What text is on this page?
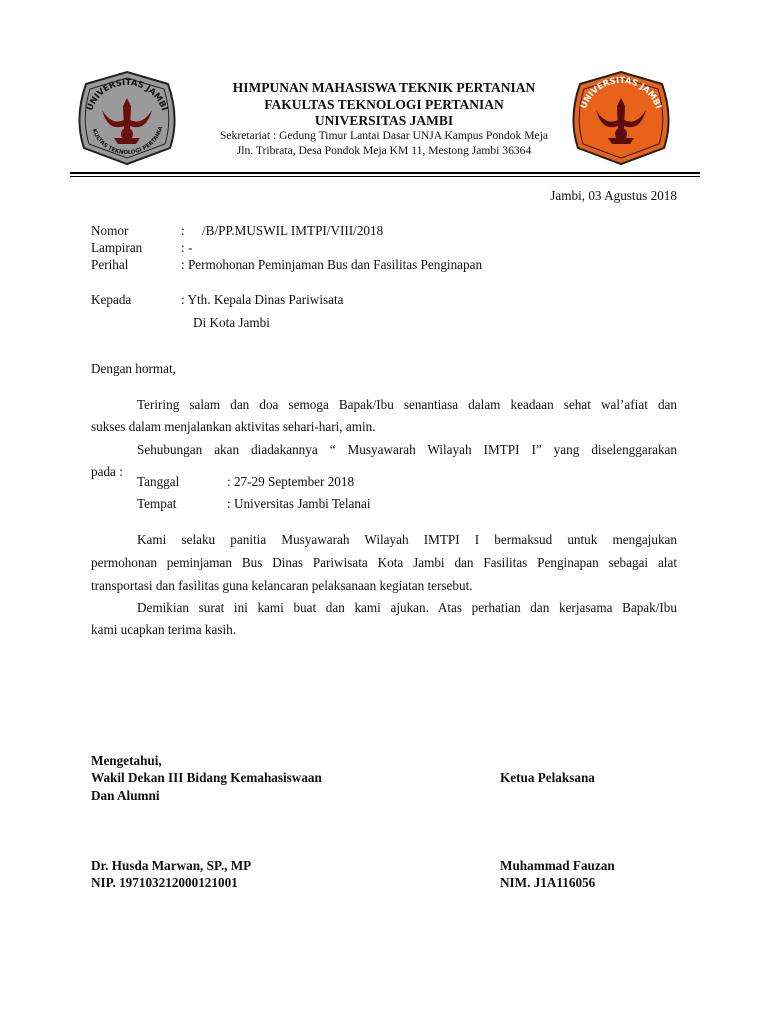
UNIVERSITAS JAMBI
KULTAS TEKNOLOGI PERTANIA
UNIVERSITAS JAMBI
HIMPUNAN MAHASISWA TEKNIK PERTANIAN
FAKULTAS TEKNOLOGI PERTANIAN
UNIVERSITAS JAMBI
Sekretariat : Gedung Timur Lantai Dasar UNJA Kampus Pondok Meja
Jln. Tribrata, Desa Pondok Meja KM 11, Mestong Jambi 36364

Jambi, 03 Agustus 2018

Nomor	: /B/PP.MUSWIL IMTPI/VIII/2018

Lampiran	: -

Perihal	: Permohonan Peminjaman Bus dan Fasilitas Penginapan

Kepada	: Yth. Kepala Dinas Pariwisata

Di Kota Jambi

Dengan hormat,

Teriring salam dan doa semoga Bapak/Ibu senantiasa dalam keadaan sehat wal’afiat dan

sukses dalam menjalankan aktivitas sehari-hari, amin.

Sehubungan akan diadakannya “ Musyawarah Wilayah IMTPI I” yang diselenggarakan

pada :

Tanggal	: 27-29 September 2018

Tempat	: Universitas Jambi Telanai

Kami selaku panitia Musyawarah Wilayah IMTPI I bermaksud untuk mengajukan

permohonan peminjaman Bus Dinas Pariwisata Kota Jambi dan Fasilitas Penginapan sebagai alat

transportasi dan fasilitas guna kelancaran pelaksanaan kegiatan tersebut.

Demikian surat ini kami buat dan kami ajukan. Atas perhatian dan kerjasama Bapak/Ibu

kami ucapkan terima kasih.

Mengetahui,

Wakil Dekan III Bidang Kemahasiswaan

Dan Alumni

Ketua Pelaksana

Dr. Husda Marwan, SP., MP

NIP. 197103212000121001

Muhammad Fauzan

NIM. J1A116056
